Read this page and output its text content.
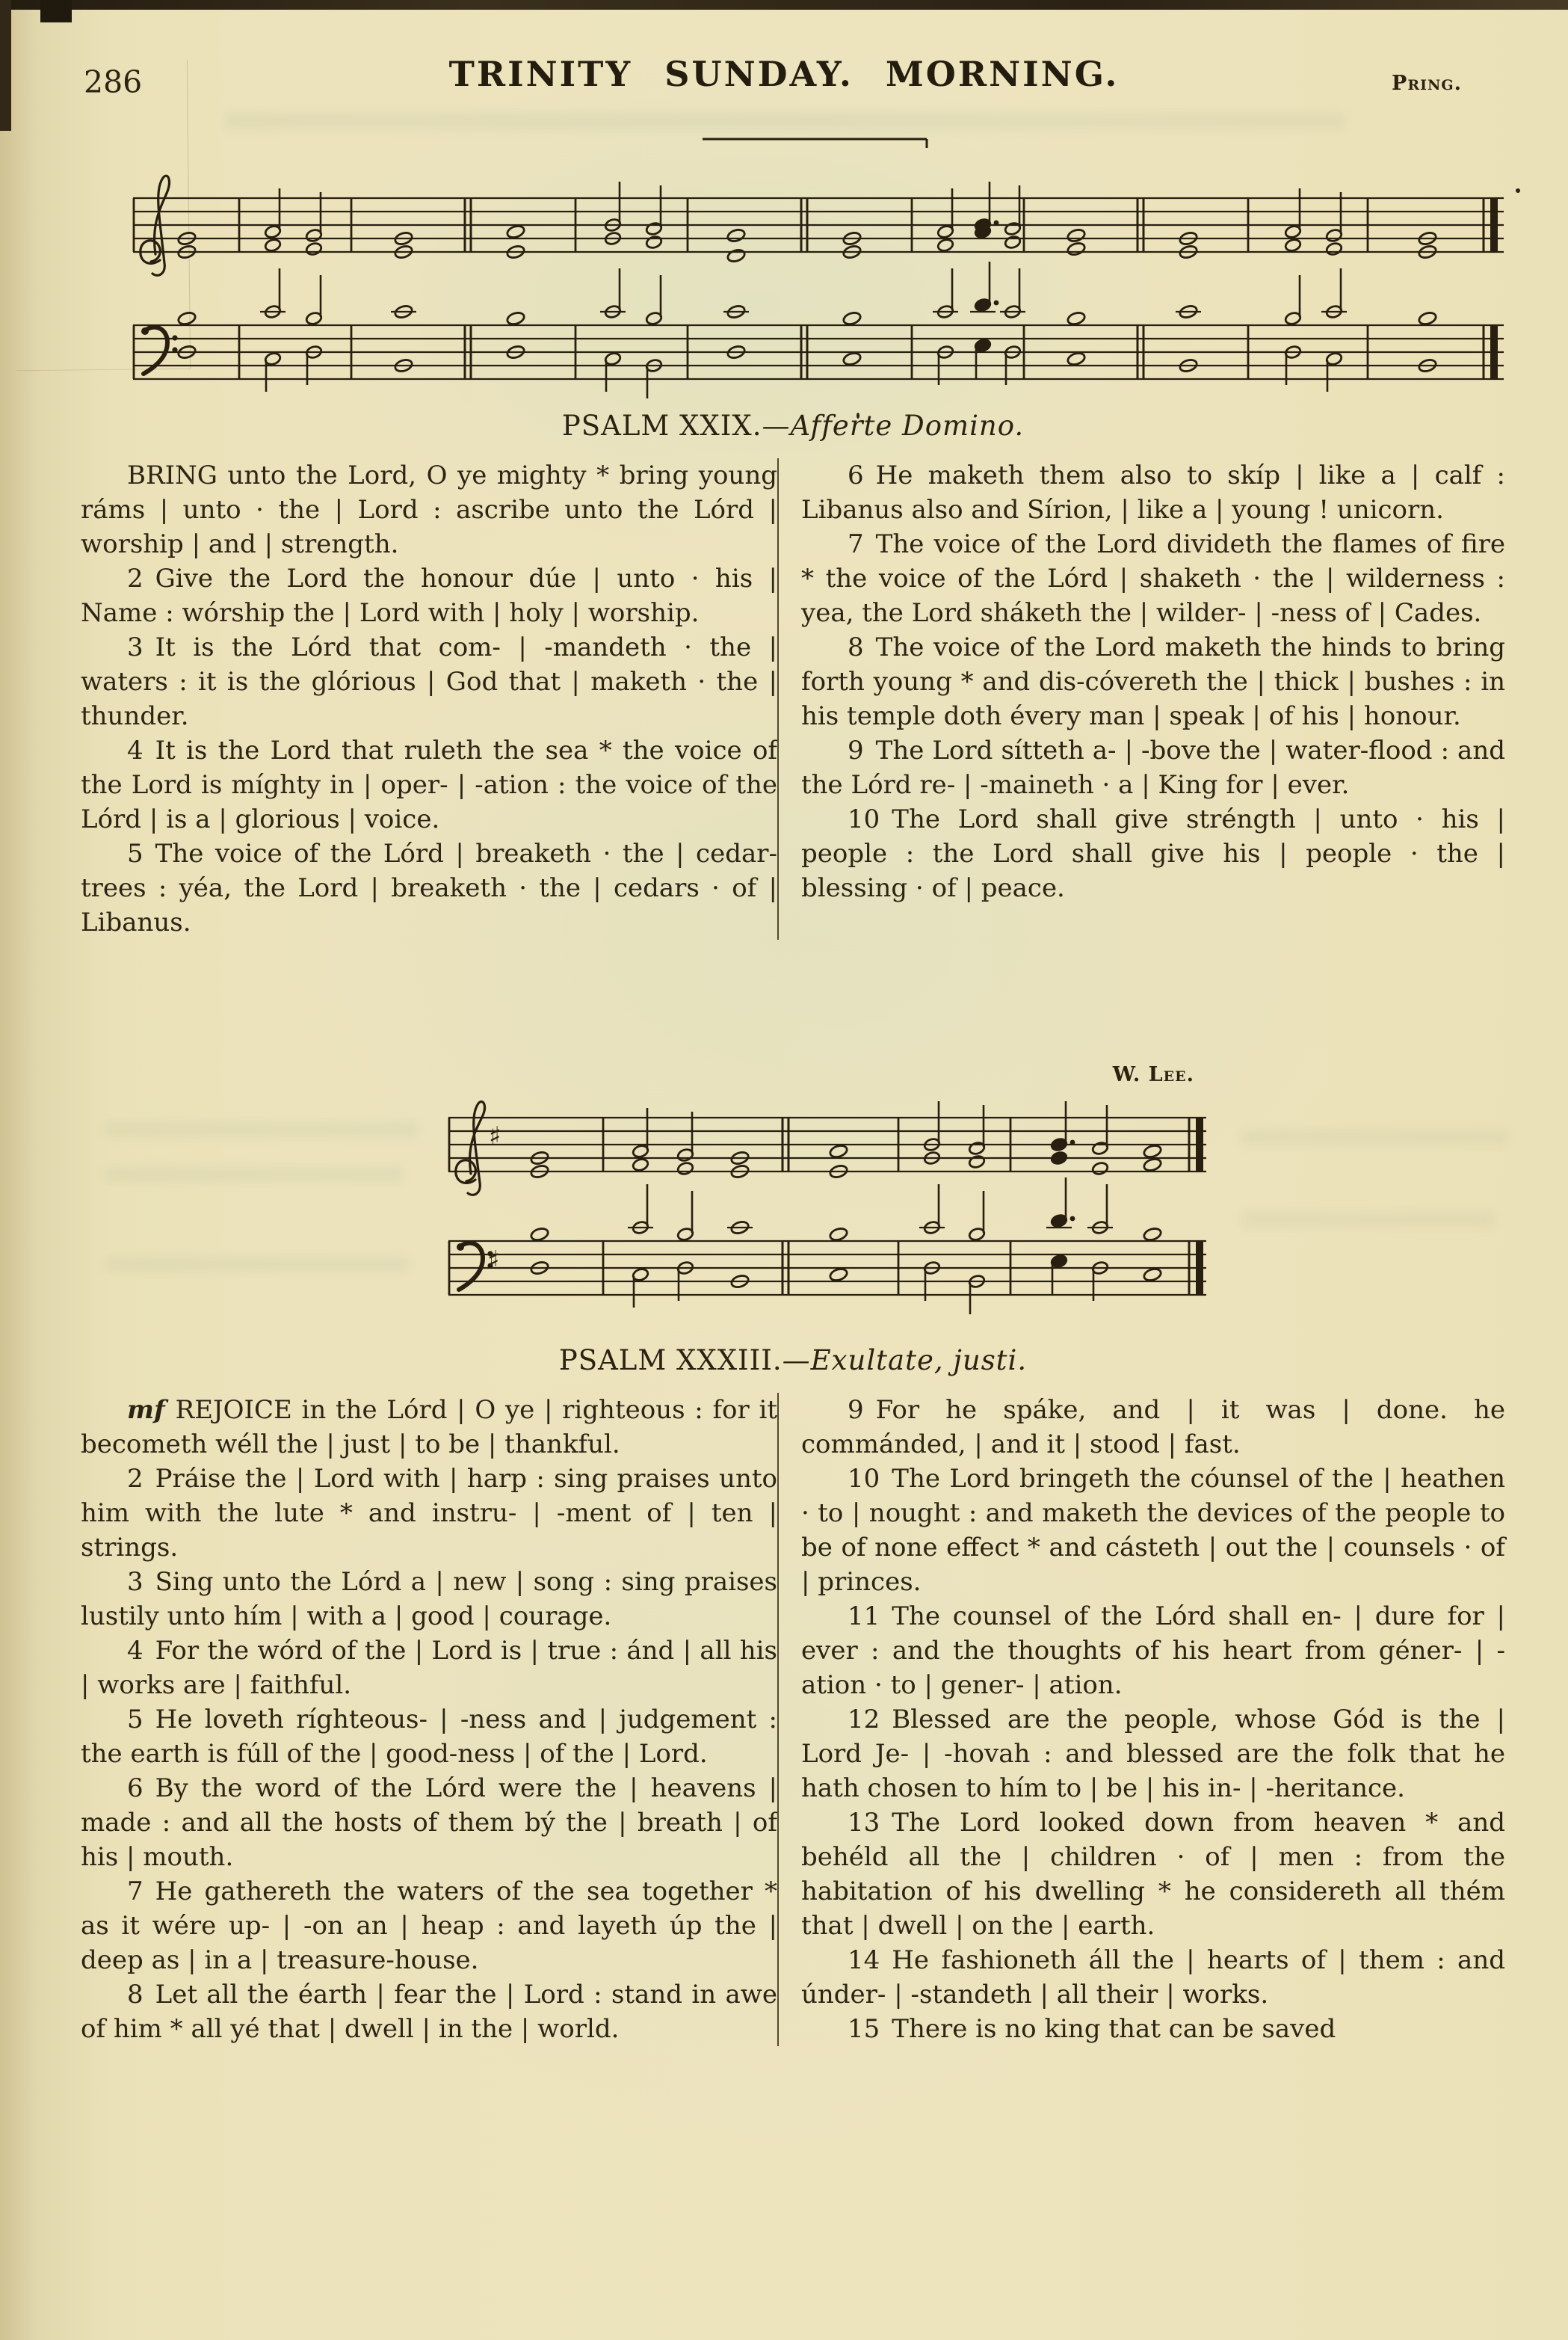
286	TRINITY SUNDAY. MORNING.	Pring.
PSALM XXIX.—Afferte Domino.

BRING unto the Lord, O ye mighty * bring young ráms | unto · the | Lord : ascribe unto the Lórd | worship | and | strength.

2 Give the Lord the honour dúe | unto · his | Name : wórship the | Lord with | holy | worship.

3 It is the Lórd that com- | -mandeth · the | waters : it is the glórious | God that | maketh · the | thunder.

4 It is the Lord that ruleth the sea * the voice of the Lord is míghty in | oper- | -ation : the voice of the Lórd | is a | glorious | voice.

5 The voice of the Lórd | breaketh · the | cedar-trees : yéa, the Lord | breaketh · the | cedars · of | Libanus.

6 He maketh them also to skíp | like a | calf : Libanus also and Sírion, | like a | young ! unicorn.

7 The voice of the Lord divideth the flames of fire * the voice of the Lórd | shaketh · the | wilderness : yea, the Lord sháketh the | wilder- | -ness of | Cades.

8 The voice of the Lord maketh the hinds to bring forth young * and dis-cóvereth the | thick | bushes : in his temple doth évery man | speak | of his | honour.

9 The Lord sítteth a- | -bove the | water-flood : and the Lórd re- | -maineth · a | King for | ever.

10 The Lord shall give stréngth | unto · his | people : the Lord shall give his | people · the | blessing · of | peace.

W. Lee.
♯
♯
PSALM XXXIII.—Exultate, justi.

mf REJOICE in the Lórd | O ye | righteous : for it becometh wéll the | just | to be | thankful.

2 Práise the | Lord with | harp : sing praises unto him with the lute * and instru- | -ment of | ten | strings.

3 Sing unto the Lórd a | new | song : sing praises lustily unto hím | with a | good | courage.

4 For the wórd of the | Lord is | true : ánd | all his | works are | faithful.

5 He loveth ríghteous- | -ness and | judgement : the earth is fúll of the | good-ness | of the | Lord.

6 By the word of the Lórd were the | heavens | made : and all the hosts of them bý the | breath | of his | mouth.

7 He gathereth the waters of the sea together * as it wére up- | -on an | heap : and layeth úp the | deep as | in a | treasure-house.

8 Let all the éarth | fear the | Lord : stand in awe of him * all yé that | dwell | in the | world.

9 For he spáke, and | it was | done. he commánded, | and it | stood | fast.

10 The Lord bringeth the cóunsel of the | heathen · to | nought : and maketh the devices of the people to be of none effect * and cásteth | out the | counsels · of | princes.

11 The counsel of the Lórd shall en- | dure for | ever : and the thoughts of his heart from géner- | -ation · to | gener- | ation.

12 Blessed are the people, whose Gód is the | Lord Je- | -hovah : and blessed are the folk that he hath chosen to hím to | be | his in- | -heritance.

13 The Lord looked down from heaven * and behéld all the | children · of | men : from the habitation of his dwelling * he considereth all thém that | dwell | on the | earth.

14 He fashioneth áll the | hearts of | them : and únder- | -standeth | all their | works.

15 There is no king that can be saved
